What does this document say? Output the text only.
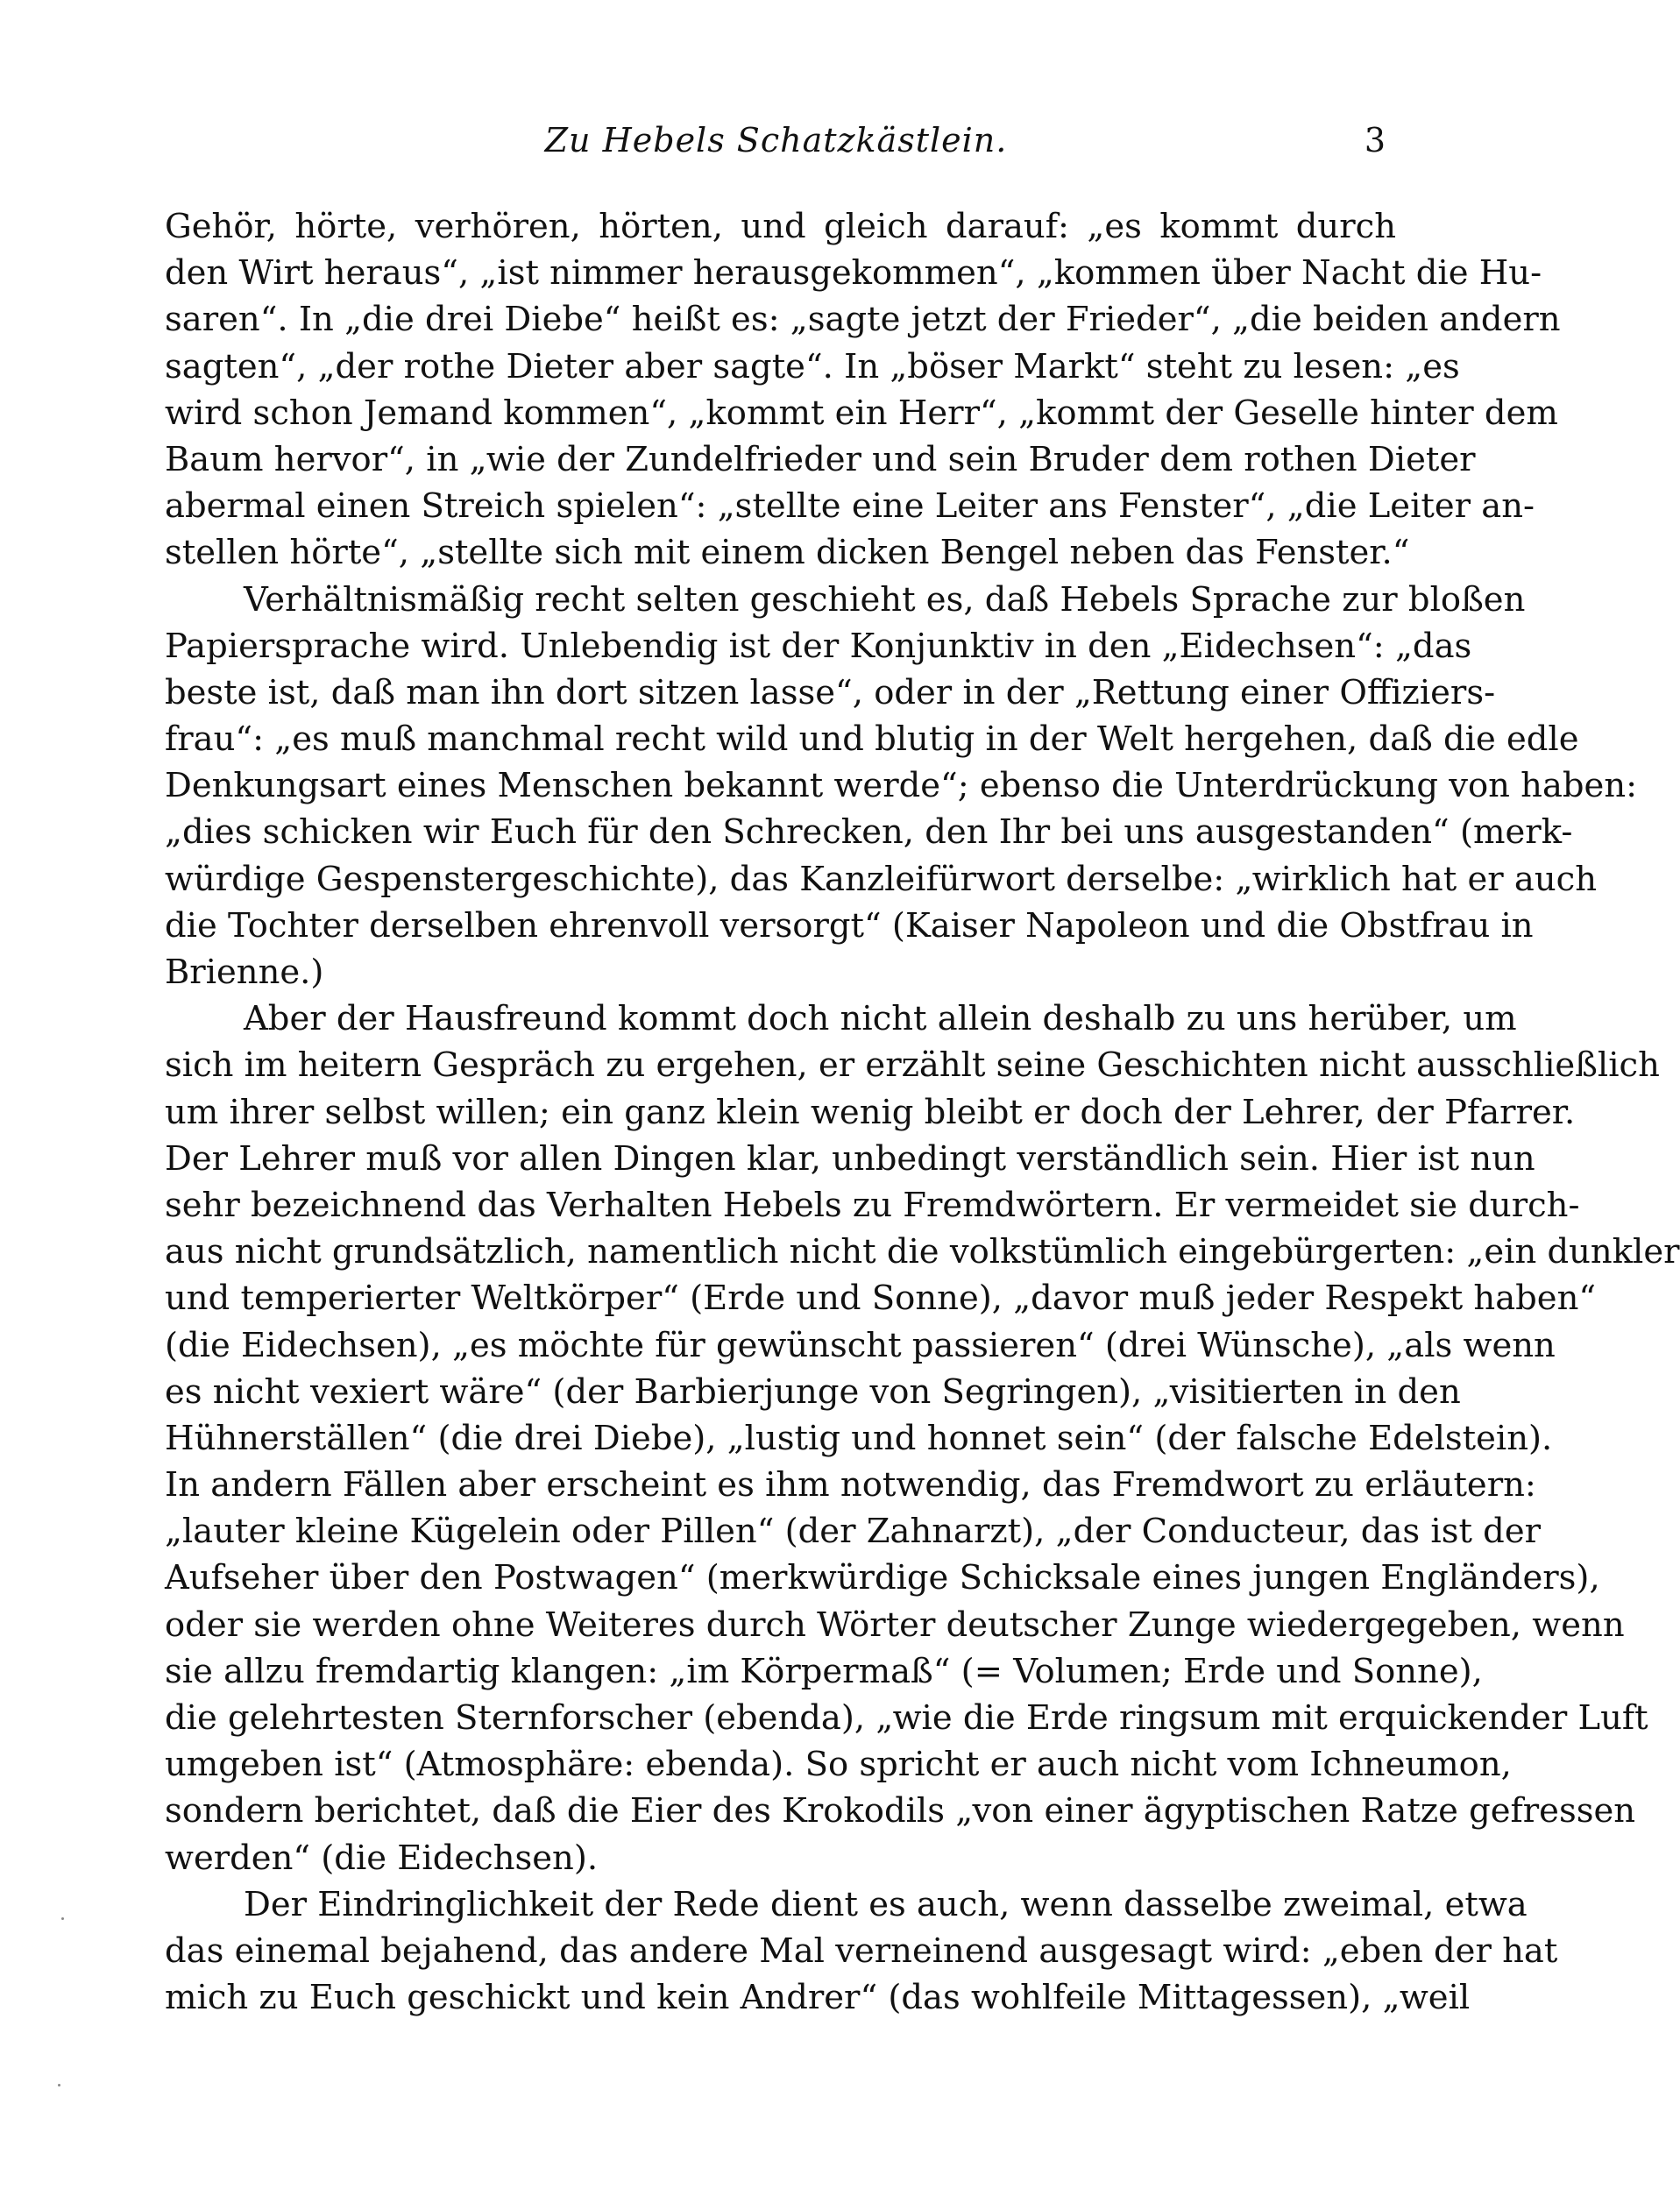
Zu Hebels Schatzkästlein.	3
Gehör, hörte, verhören, hörten, und gleich darauf: „es kommt durch
den Wirt heraus“, „ist nimmer herausgekommen“, „kommen über Nacht die Hu-
saren“. In „die drei Diebe“ heißt es: „sagte jetzt der Frieder“, „die beiden andern
sagten“, „der rothe Dieter aber sagte“. In „böser Markt“ steht zu lesen: „es
wird schon Jemand kommen“, „kommt ein Herr“, „kommt der Geselle hinter dem
Baum hervor“, in „wie der Zundelfrieder und sein Bruder dem rothen Dieter
abermal einen Streich spielen“: „stellte eine Leiter ans Fenster“, „die Leiter an-
stellen hörte“, „stellte sich mit einem dicken Bengel neben das Fenster.“
Verhältnismäßig recht selten geschieht es, daß Hebels Sprache zur bloßen
Papiersprache wird. Unlebendig ist der Konjunktiv in den „Eidechsen“: „das
beste ist, daß man ihn dort sitzen lasse“, oder in der „Rettung einer Offiziers-
frau“: „es muß manchmal recht wild und blutig in der Welt hergehen, daß die edle
Denkungsart eines Menschen bekannt werde“; ebenso die Unterdrückung von haben:
„dies schicken wir Euch für den Schrecken, den Ihr bei uns ausgestanden“ (merk-
würdige Gespenstergeschichte), das Kanzleifürwort derselbe: „wirklich hat er auch
die Tochter derselben ehrenvoll versorgt“ (Kaiser Napoleon und die Obstfrau in
Brienne.)
Aber der Hausfreund kommt doch nicht allein deshalb zu uns herüber, um
sich im heitern Gespräch zu ergehen, er erzählt seine Geschichten nicht ausschließlich
um ihrer selbst willen; ein ganz klein wenig bleibt er doch der Lehrer, der Pfarrer.
Der Lehrer muß vor allen Dingen klar, unbedingt verständlich sein. Hier ist nun
sehr bezeichnend das Verhalten Hebels zu Fremdwörtern. Er vermeidet sie durch-
aus nicht grundsätzlich, namentlich nicht die volkstümlich eingebürgerten: „ein dunkler
und temperierter Weltkörper“ (Erde und Sonne), „davor muß jeder Respekt haben“
(die Eidechsen), „es möchte für gewünscht passieren“ (drei Wünsche), „als wenn
es nicht vexiert wäre“ (der Barbierjunge von Segringen), „visitierten in den
Hühnerställen“ (die drei Diebe), „lustig und honnet sein“ (der falsche Edelstein).
In andern Fällen aber erscheint es ihm notwendig, das Fremdwort zu erläutern:
„lauter kleine Kügelein oder Pillen“ (der Zahnarzt), „der Conducteur, das ist der
Aufseher über den Postwagen“ (merkwürdige Schicksale eines jungen Engländers),
oder sie werden ohne Weiteres durch Wörter deutscher Zunge wiedergegeben, wenn
sie allzu fremdartig klangen: „im Körpermaß“ (= Volumen; Erde und Sonne),
die gelehrtesten Sternforscher (ebenda), „wie die Erde ringsum mit erquickender Luft
umgeben ist“ (Atmosphäre: ebenda). So spricht er auch nicht vom Ichneumon,
sondern berichtet, daß die Eier des Krokodils „von einer ägyptischen Ratze gefressen
werden“ (die Eidechsen).
Der Eindringlichkeit der Rede dient es auch, wenn dasselbe zweimal, etwa
das einemal bejahend, das andere Mal verneinend ausgesagt wird: „eben der hat
mich zu Euch geschickt und kein Andrer“ (das wohlfeile Mittagessen), „weil
